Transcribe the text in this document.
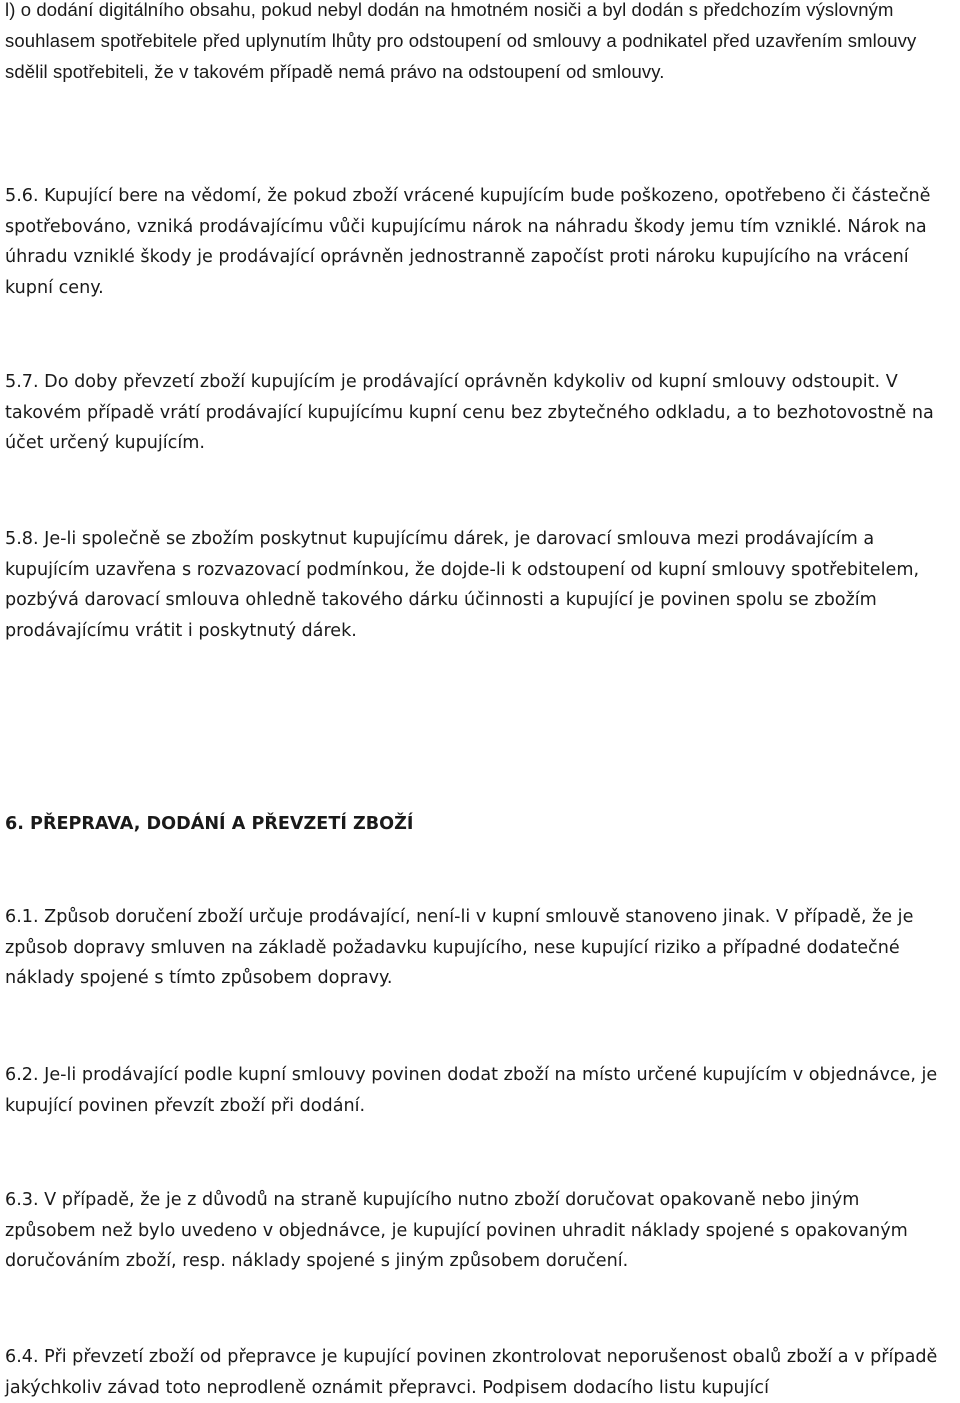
l) o dodání digitálního obsahu, pokud nebyl dodán na hmotném nosiči a byl dodán s předchozím výslovným souhlasem spotřebitele před uplynutím lhůty pro odstoupení od smlouvy a podnikatel před uzavřením smlouvy sdělil spotřebiteli, že v takovém případě nemá právo na odstoupení od smlouvy.

5.6. Kupující bere na vědomí, že pokud zboží vrácené kupujícím bude poškozeno, opotřebeno či částečně spotřebováno, vzniká prodávajícímu vůči kupujícímu nárok na náhradu škody jemu tím vzniklé. Nárok na úhradu vzniklé škody je prodávající oprávněn jednostranně započíst proti nároku kupujícího na vrácení kupní ceny.

5.7. Do doby převzetí zboží kupujícím je prodávající oprávněn kdykoliv od kupní smlouvy odstoupit. V takovém případě vrátí prodávající kupujícímu kupní cenu bez zbytečného odkladu, a to bezhotovostně na účet určený kupujícím.

5.8. Je-li společně se zbožím poskytnut kupujícímu dárek, je darovací smlouva mezi prodávajícím a kupujícím uzavřena s rozvazovací podmínkou, že dojde-li k odstoupení od kupní smlouvy spotřebitelem, pozbývá darovací smlouva ohledně takového dárku účinnosti a kupující je povinen spolu se zbožím prodávajícímu vrátit i poskytnutý dárek.

6. PŘEPRAVA, DODÁNÍ A PŘEVZETÍ ZBOŽÍ

6.1. Způsob doručení zboží určuje prodávající, není-li v kupní smlouvě stanoveno jinak. V případě, že je způsob dopravy smluven na základě požadavku kupujícího, nese kupující riziko a případné dodatečné náklady spojené s tímto způsobem dopravy.

6.2. Je-li prodávající podle kupní smlouvy povinen dodat zboží na místo určené kupujícím v objednávce, je kupující povinen převzít zboží při dodání.

6.3. V případě, že je z důvodů na straně kupujícího nutno zboží doručovat opakovaně nebo jiným způsobem než bylo uvedeno v objednávce, je kupující povinen uhradit náklady spojené s opakovaným doručováním zboží, resp. náklady spojené s jiným způsobem doručení.

6.4. Při převzetí zboží od přepravce je kupující povinen zkontrolovat neporušenost obalů zboží a v případě jakýchkoliv závad toto neprodleně oznámit přepravci. Podpisem dodacího listu kupující
